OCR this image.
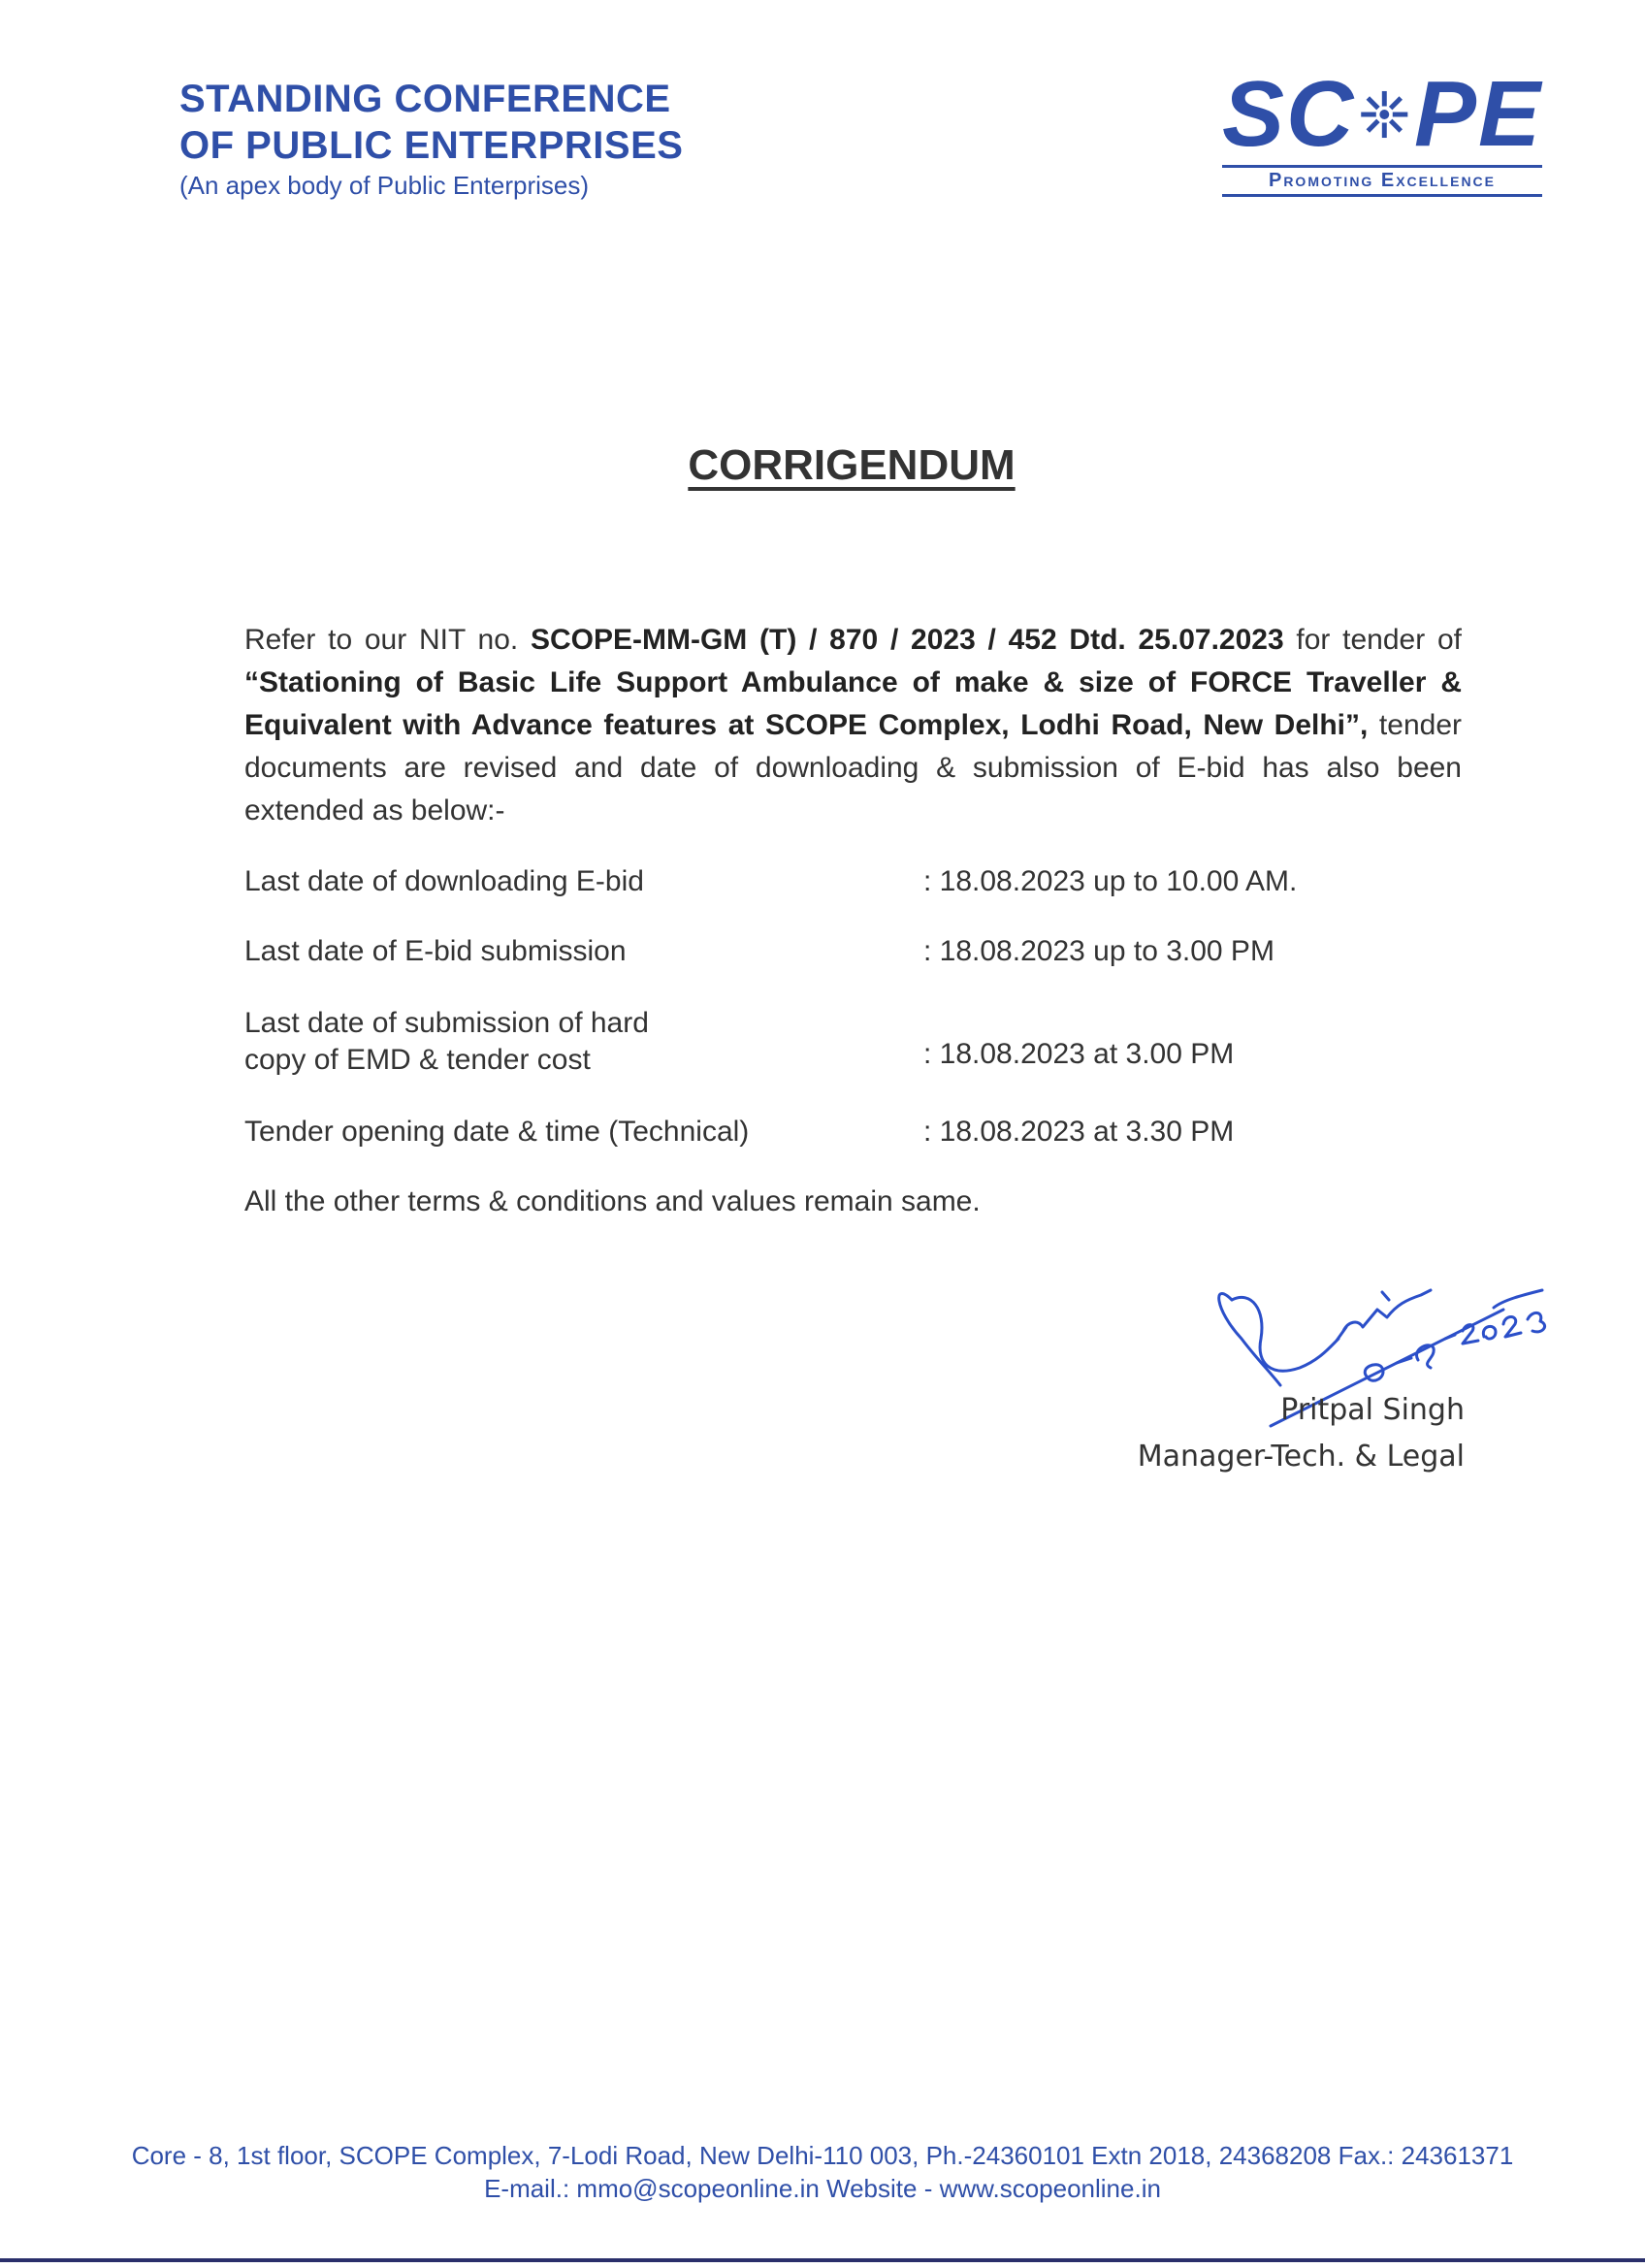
STANDING CONFERENCE
OF PUBLIC ENTERPRISES
(An apex body of Public Enterprises)
SC PE
Promoting Excellence
CORRIGENDUM
Refer to our NIT no. SCOPE-MM-GM (T) / 870 / 2023 / 452 Dtd. 25.07.2023 for tender of “Stationing of Basic Life Support Ambulance of make & size of FORCE Traveller & Equivalent with Advance features at SCOPE Complex, Lodhi Road, New Delhi”, tender documents are revised and date of downloading & submission of E-bid has also been extended as below:-
Last date of downloading E-bid	: 18.08.2023 up to 10.00 AM.
Last date of E-bid submission	: 18.08.2023 up to 3.00 PM
Last date of submission of hard
copy of EMD & tender cost	: 18.08.2023 at 3.00 PM
Tender opening date & time (Technical)	: 18.08.2023 at 3.30 PM
All the other terms & conditions and values remain same.
Pritpal Singh
Manager-Tech. & Legal
Core - 8, 1st floor, SCOPE Complex, 7-Lodi Road, New Delhi-110 003, Ph.-24360101 Extn 2018, 24368208 Fax.: 24361371
E-mail.: mmo@scopeonline.in Website - www.scopeonline.in
